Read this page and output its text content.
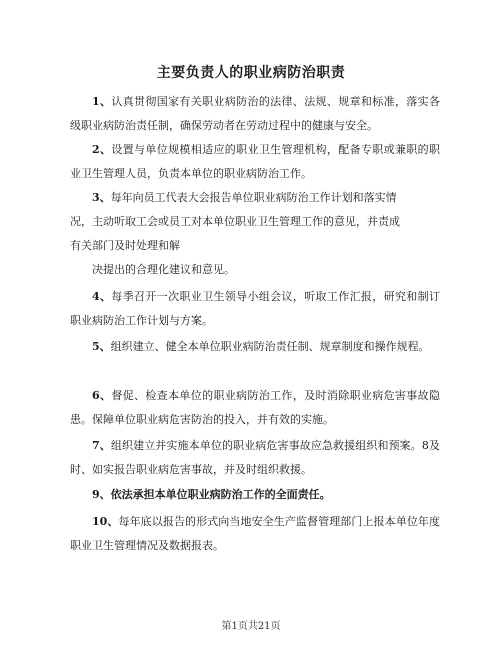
主要负责人的职业病防治职责

1、认真贯彻国家有关职业病防治的法律、法规、规章和标准，落实各级职业病防治责任制，确保劳动者在劳动过程中的健康与安全。

2、设置与单位规模相适应的职业卫生管理机构，配备专职或兼职的职业卫生管理人员，负责本单位的职业病防治工作。

3、每年向员工代表大会报告单位职业病防治工作计划和落实情

况，主动听取工会或员工对本单位职业卫生管理工作的意见，并责成

有关部门及时处理和解

决提出的合理化建议和意见。

4、每季召开一次职业卫生领导小组会议，听取工作汇报，研究和制订职业病防治工作计划与方案。

5、组织建立、健全本单位职业病防治责任制、规章制度和操作规程。

6、督促、检查本单位的职业病防治工作，及时消除职业病危害事故隐患。保障单位职业病危害防治的投入，并有效的实施。

7、组织建立并实施本单位的职业病危害事故应急救援组织和预案。8及时、如实报告职业病危害事故，并及时组织救援。

9、依法承担本单位职业病防治工作的全面责任。

10、每年底以报告的形式向当地安全生产监督管理部门上报本单位年度职业卫生管理情况及数据报表。

第1页共21页
